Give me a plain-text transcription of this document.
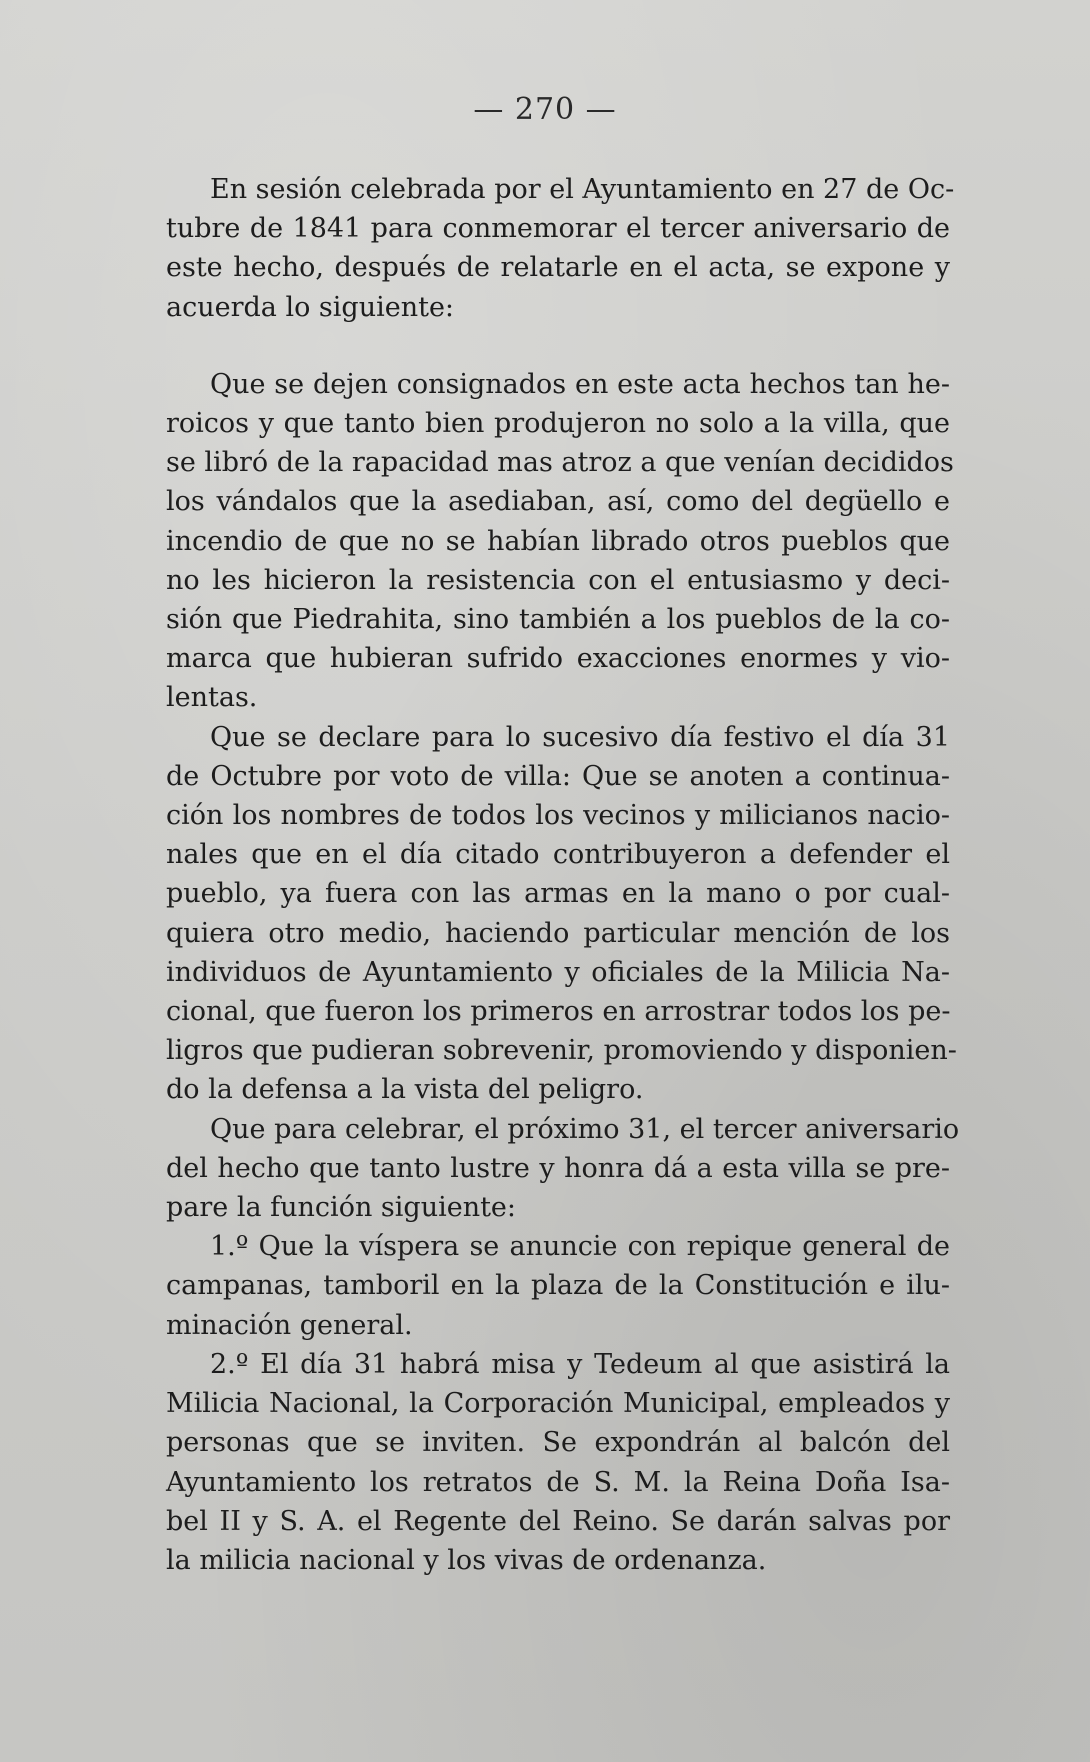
— 270 —
En sesión celebrada por el Ayuntamiento en 27 de Oc-
tubre de 1841 para conmemorar el tercer aniversario de
este hecho, después de relatarle en el acta, se expone y
acuerda lo siguiente:
Que se dejen consignados en este acta hechos tan he-
roicos y que tanto bien produjeron no solo a la villa, que
se libró de la rapacidad mas atroz a que venían decididos
los vándalos que la asediaban, así, como del degüello e
incendio de que no se habían librado otros pueblos que
no les hicieron la resistencia con el entusiasmo y deci-
sión que Piedrahita, sino también a los pueblos de la co-
marca que hubieran sufrido exacciones enormes y vio-
lentas.
Que se declare para lo sucesivo día festivo el día 31
de Octubre por voto de villa: Que se anoten a continua-
ción los nombres de todos los vecinos y milicianos nacio-
nales que en el día citado contribuyeron a defender el
pueblo, ya fuera con las armas en la mano o por cual-
quiera otro medio, haciendo particular mención de los
individuos de Ayuntamiento y oficiales de la Milicia Na-
cional, que fueron los primeros en arrostrar todos los pe-
ligros que pudieran sobrevenir, promoviendo y disponien-
do la defensa a la vista del peligro.
Que para celebrar, el próximo 31, el tercer aniversario
del hecho que tanto lustre y honra dá a esta villa se pre-
pare la función siguiente:
1.º Que la víspera se anuncie con repique general de
campanas, tamboril en la plaza de la Constitución e ilu-
minación general.
2.º El día 31 habrá misa y Tedeum al que asistirá la
Milicia Nacional, la Corporación Municipal, empleados y
personas que se inviten. Se expondrán al balcón del
Ayuntamiento los retratos de S. M. la Reina Doña Isa-
bel II y S. A. el Regente del Reino. Se darán salvas por
la milicia nacional y los vivas de ordenanza.
